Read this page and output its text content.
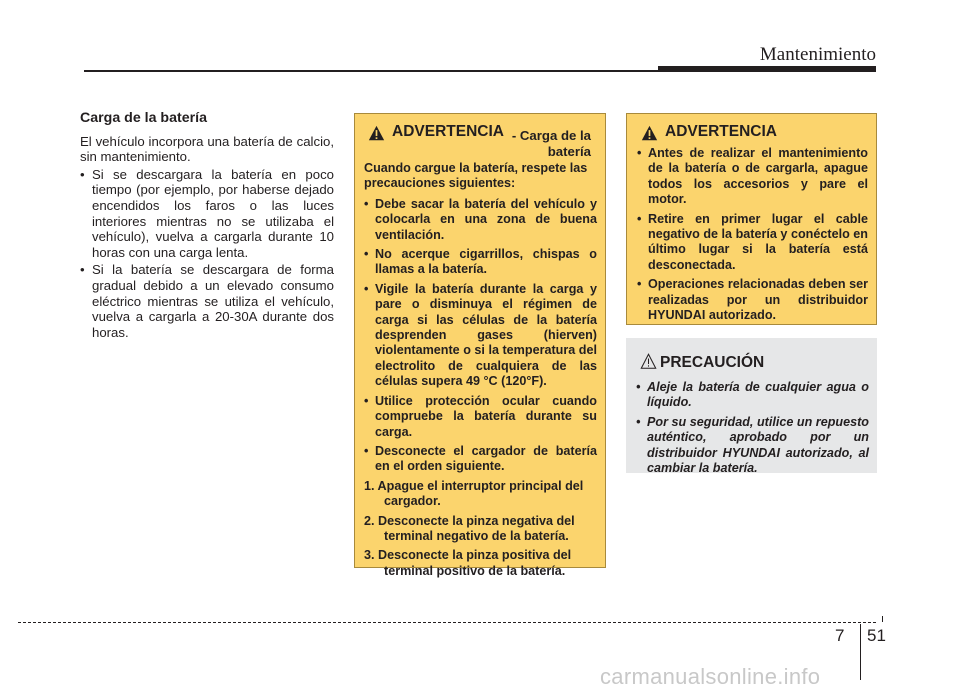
Mantenimiento
Carga de la batería

El vehículo incorpora una batería de calcio, sin mantenimiento.

• Si se descargara la batería en poco tiempo (por ejemplo, por haberse dejado encendidos los faros o las luces interiores mientras no se utilizaba el vehículo), vuelva a cargarla durante 10 horas con una carga lenta.
• Si la batería se descargara de forma gradual debido a un elevado consumo eléctrico mientras se utiliza el vehículo, vuelva a cargarla a 20-30A durante dos horas.
ADVERTENCIA - Carga de la batería

Cuando cargue la batería, respete las precauciones siguientes:

• Debe sacar la batería del vehículo y colocarla en una zona de buena ventilación.
• No acerque cigarrillos, chispas o llamas a la batería.
• Vigile la batería durante la carga y pare o disminuya el régimen de carga si las células de la batería desprenden gases (hierven) violentamente o si la temperatura del electrolito de cualquiera de las células supera 49 °C (120°F).
• Utilice protección ocular cuando compruebe la batería durante su carga.
• Desconecte el cargador de batería en el orden siguiente.
1. Apague el interruptor principal del cargador.
2. Desconecte la pinza negativa del terminal negativo de la batería.
3. Desconecte la pinza positiva del terminal positivo de la batería.
ADVERTENCIA
• Antes de realizar el mantenimiento de la batería o de cargarla, apague todos los accesorios y pare el motor.
• Retire en primer lugar el cable negativo de la batería y conéctelo en último lugar si la batería está desconectada.
• Operaciones relacionadas deben ser realizadas por un distribuidor HYUNDAI autorizado.
PRECAUCIÓN
• Aleje la batería de cualquier agua o líquido.
• Por su seguridad, utilice un repuesto auténtico, aprobado por un distribuidor HYUNDAI autorizado, al cambiar la batería.
7 51
carmanualsonline.info
